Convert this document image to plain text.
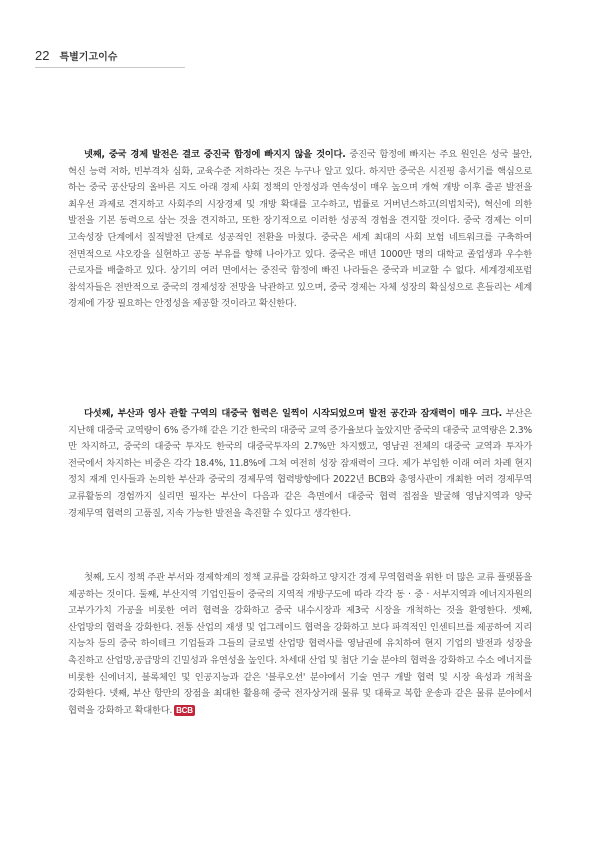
22 특별기고이슈

넷째, 중국 경제 발전은 결코 중진국 함정에 빠지지 않을 것이다. 중진국 함정에 빠지는 주요 원인은 성국 불안, 혁신 능력 저하, 빈부격차 심화, 교육수준 저하라는 것은 누구나 알고 있다. 하지만 중국은 시진핑 총서기를 핵심으로 하는 중국 공산당의 올바른 지도 아래 경제 사회 정책의 안정성과 연속성이 매우 높으며 개혁 개방 이후 줄곧 발전을 최우선 과제로 견지하고 사회주의 시장경제 및 개방 확대를 고수하고, 법률로 거버넌스하고(의법치국), 혁신에 의한 발전을 기본 동력으로 삼는 것을 견지하고, 또한 장기적으로 이러한 성공적 경험을 견지할 것이다. 중국 경제는 이미 고속성장 단계에서 질적발전 단계로 성공적인 전환을 마쳤다. 중국은 세계 최대의 사회 보험 네트워크를 구축하여 전면적으로 샤오캉을 실현하고 공동 부유를 향해 나아가고 있다. 중국은 매년 1000만 명의 대학교 졸업생과 우수한 근로자를 배출하고 있다. 상기의 여러 면에서는 중진국 함정에 빠진 나라들은 중국과 비교할 수 없다. 세계경제포럼 참석자들은 전반적으로 중국의 경제성장 전망을 낙관하고 있으며, 중국 경제는 자체 성장의 확실성으로 흔들리는 세계 경제에 가장 필요하는 안정성을 제공할 것이라고 확신한다.

다섯째, 부산과 영사 관할 구역의 대중국 협력은 일찍이 시작되었으며 발전 공간과 잠재력이 매우 크다. 부산은 지난해 대중국 교역량이 6% 증가해 같은 기간 한국의 대중국 교역 증가율보다 높았지만 중국의 대중국 교역량은 2.3%만 차지하고, 중국의 대중국 투자도 한국의 대중국투자의 2.7%만 차지했고, 영남권 전체의 대중국 교역과 투자가 전국에서 차지하는 비중은 각각 18.4%, 11.8%에 그쳐 여전히 성장 잠재력이 크다. 제가 부임한 이래 여러 차례 현지 정치 재계 인사들과 논의한 부산과 중국의 경제무역 협력방향에다 2022년 BCB와 총영사관이 개최한 여러 경제무역 교류활동의 경험까지 실리면 필자는 부산이 다음과 같은 측면에서 대중국 협력 접점을 발굴해 영남지역과 양국 경제무역 협력의 고품질, 지속 가능한 발전을 촉진할 수 있다고 생각한다.

첫째, 도시 정책 주관 부서와 경제학계의 정책 교류를 강화하고 양지간 경제 무역협력을 위한 더 많은 교류 플랫폼을 제공하는 것이다. 둘째, 부산지역 기업인들이 중국의 지역적 개방구도에 따라 각각 동 · 중 · 서부지역과 에너지자원의 고부가가치 가공을 비롯한 여러 협력을 강화하고 중국 내수시장과 제3국 시장을 개척하는 것을 환영한다. 셋째, 산업망의 협력을 강화한다. 전통 산업의 재생 및 업그레이드 협력을 강화하고 보다 파격적인 인센티브를 제공하여 지리 지능차 등의 중국 하이테크 기업들과 그들의 글로벌 산업망 협력사를 영남권에 유치하여 현지 기업의 발전과 성장을 촉진하고 산업망,공급망의 긴밀성과 유연성을 높인다. 차세대 산업 및 첨단 기술 분야의 협력을 강화하고 수소 에너지를 비롯한 신에너지, 블록체인 및 인공지능과 같은 '블루오션' 분야에서 기술 연구 개발 협력 및 시장 육성과 개척을 강화한다. 넷째, 부산 항만의 장점을 최대한 활용해 중국 전자상거래 물류 및 대륙교 복합 운송과 같은 물류 분야에서 협력을 강화하고 확대한다. BCB
